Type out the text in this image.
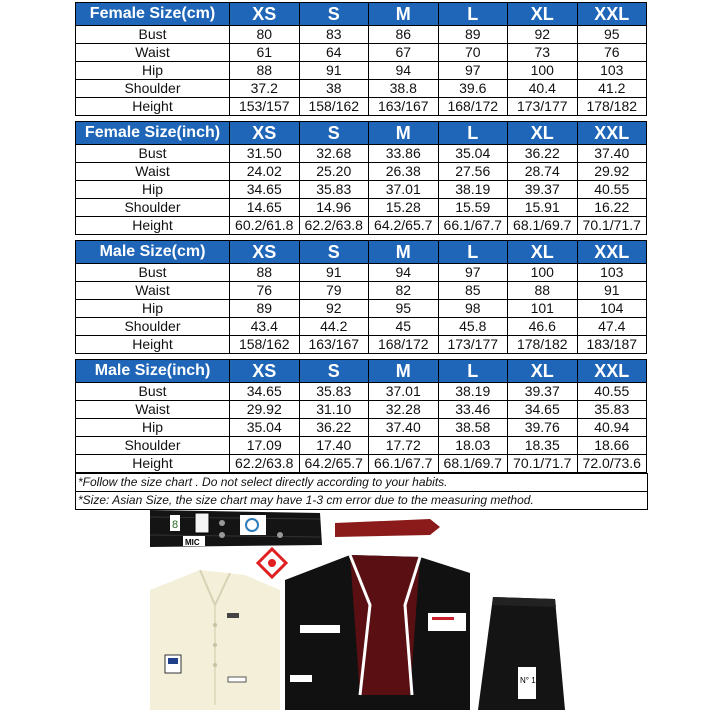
Female Size(cm)	XS	S	M	L	XL	XXL
Bust	80	83	86	89	92	95
Waist	61	64	67	70	73	76
Hip	88	91	94	97	100	103
Shoulder	37.2	38	38.8	39.6	40.4	41.2
Height	153/157	158/162	163/167	168/172	173/177	178/182
Female Size(inch)	XS	S	M	L	XL	XXL
Bust	31.50	32.68	33.86	35.04	36.22	37.40
Waist	24.02	25.20	26.38	27.56	28.74	29.92
Hip	34.65	35.83	37.01	38.19	39.37	40.55
Shoulder	14.65	14.96	15.28	15.59	15.91	16.22
Height	60.2/61.8	62.2/63.8	64.2/65.7	66.1/67.7	68.1/69.7	70.1/71.7
Male Size(cm)	XS	S	M	L	XL	XXL
Bust	88	91	94	97	100	103
Waist	76	79	82	85	88	91
Hip	89	92	95	98	101	104
Shoulder	43.4	44.2	45	45.8	46.6	47.4
Height	158/162	163/167	168/172	173/177	178/182	183/187
Male Size(inch)	XS	S	M	L	XL	XXL
Bust	34.65	35.83	37.01	38.19	39.37	40.55
Waist	29.92	31.10	32.28	33.46	34.65	35.83
Hip	35.04	36.22	37.40	38.58	39.76	40.94
Shoulder	17.09	17.40	17.72	18.03	18.35	18.66
Height	62.2/63.8	64.2/65.7	66.1/67.7	68.1/69.7	70.1/71.7	72.0/73.6
*Follow the size chart . Do not select directly according to your habits.
*Size: Asian Size, the size chart may have 1-3 cm error due to the measuring method.
8
MIC
N° 1
